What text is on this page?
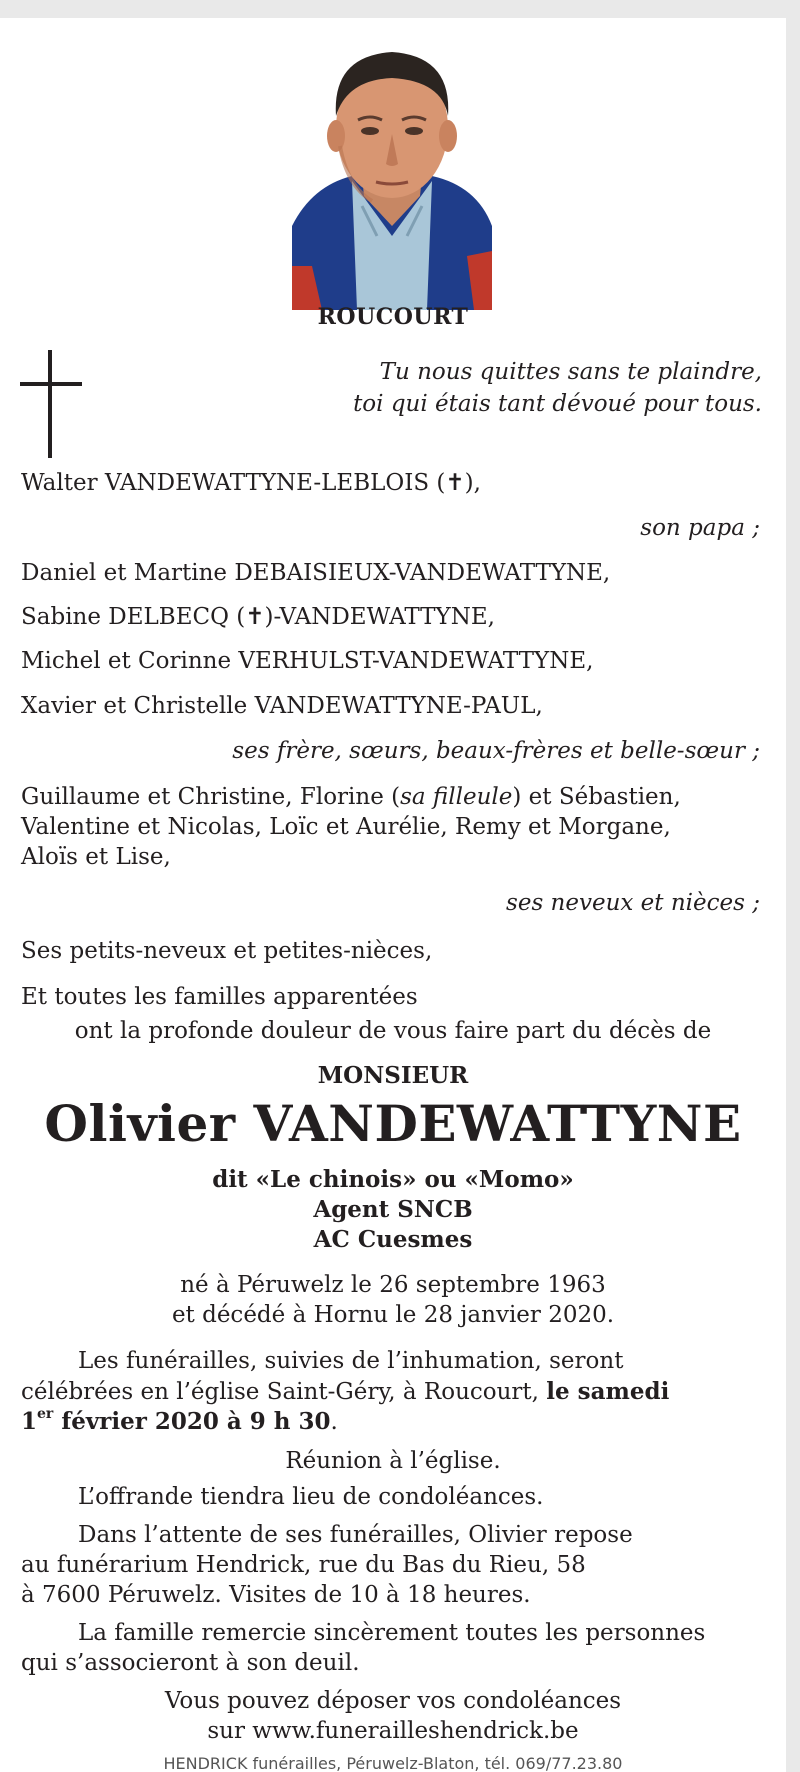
ROUCOURT
Tu nous quittes sans te plaindre,
toi qui étais tant dévoué pour tous.
Walter VANDEWATTYNE-LEBLOIS (✝),
son papa ;
Daniel et Martine DEBAISIEUX-VANDEWATTYNE,
Sabine DELBECQ (✝)-VANDEWATTYNE,
Michel et Corinne VERHULST-VANDEWATTYNE,
Xavier et Christelle VANDEWATTYNE-PAUL,
ses frère, sœurs, beaux-frères et belle-sœur ;
Guillaume et Christine, Florine (sa filleule) et Sébastien,
Valentine et Nicolas, Loïc et Aurélie, Remy et Morgane,
Aloïs et Lise,
ses neveux et nièces ;
Ses petits-neveux et petites-nièces,
Et toutes les familles apparentées
ont la profonde douleur de vous faire part du décès de
MONSIEUR
Olivier VANDEWATTYNE
dit «Le chinois» ou «Momo»
Agent SNCB
AC Cuesmes
né à Péruwelz le 26 septembre 1963
et décédé à Hornu le 28 janvier 2020.
Les funérailles, suivies de l’inhumation, seront
célébrées en l’église Saint-Géry, à Roucourt, le samedi
1er février 2020 à 9 h 30.
Réunion à l’église.
L’offrande tiendra lieu de condoléances.
Dans l’attente de ses funérailles, Olivier repose
au funérarium Hendrick, rue du Bas du Rieu, 58
à 7600 Péruwelz. Visites de 10 à 18 heures.
La famille remercie sincèrement toutes les personnes
qui s’associeront à son deuil.
Vous pouvez déposer vos condoléances
sur www.funerailleshendrick.be
HENDRICK funérailles, Péruwelz-Blaton, tél. 069/77.23.80
